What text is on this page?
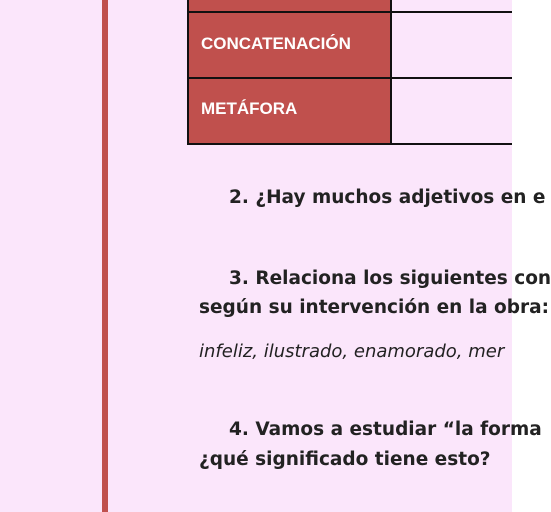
CONCATENACIÓN
METÁFORA
2. ¿Hay muchos adjetivos en e
3. Relaciona los siguientes con
según su intervención en la obra:
infeliz, ilustrado, enamorado, mer
4. Vamos a estudiar “la forma
¿qué significado tiene esto?
